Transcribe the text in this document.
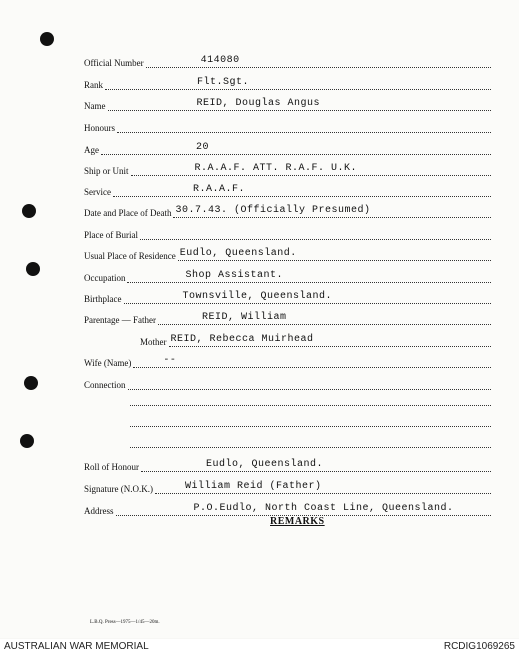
Official Number	414080
Rank	Flt.Sgt.
Name	REID, Douglas Angus
Honours
Age	20
Ship or Unit	R.A.A.F. ATT. R.A.F. U.K.
Service	R.A.A.F.
Date and Place of Death 30.7.43. (Officially Presumed)
Place of Burial
Usual Place of Residence Eudlo, Queensland.
Occupation	Shop Assistant.
Birthplace	Townsville, Queensland.
Parentage — Father	REID, William
Mother REID, Rebecca Muirhead
Wife (Name)	--
Connection
Roll of Honour	Eudlo, Queensland.
Signature (N.O.K.)	William Reid (Father)
Address	P.O.Eudlo, North Coast Line, Queensland.
REMARKS
L.B.Q. Press—1975—1/45—20m.
AUSTRALIAN WAR MEMORIAL	RCDIG1069265
